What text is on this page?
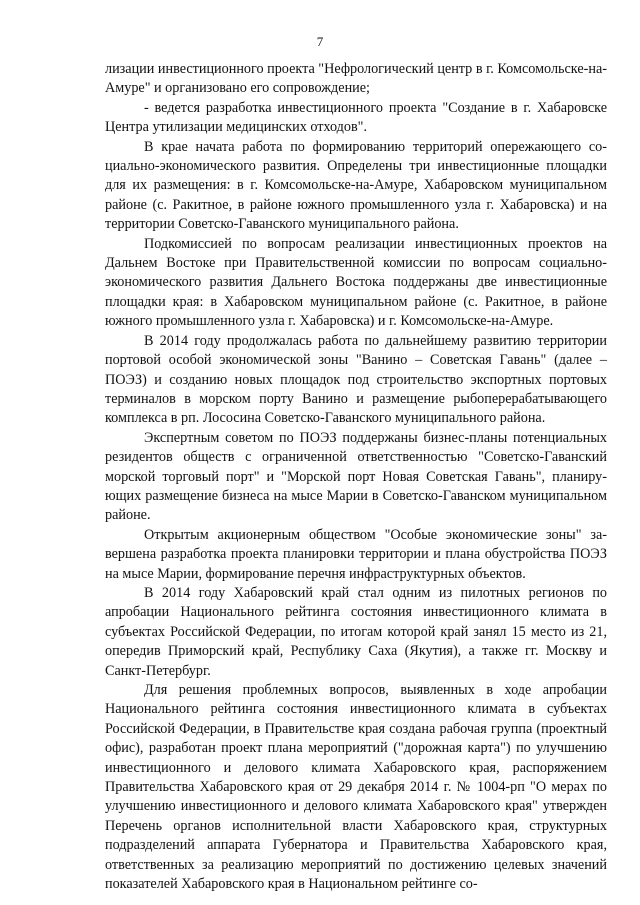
7

лизации инвестиционного проекта "Нефрологический центр в г. Комсомольске-на-Амуре" и организовано его сопровождение;

- ведется разработка инвестиционного проекта "Создание в г. Хабаровске Центра утилизации медицинских отходов".

В крае начата работа по формированию территорий опережающего социально-экономического развития. Определены три инвестиционные площадки для их размещения: в г. Комсомольске-на-Амуре, Хабаровском муниципальном районе (с. Ракитное, в районе южного промышленного узла г. Хабаровска) и на территории Советско-Гаванского муниципального района.

Подкомиссией по вопросам реализации инвестиционных проектов на Дальнем Востоке при Правительственной комиссии по вопросам социально-экономического развития Дальнего Востока поддержаны две инвестиционные площадки края: в Хабаровском муниципальном районе (с. Ракитное, в районе южного промышленного узла г. Хабаровска) и г. Комсомольске-на-Амуре.

В 2014 году продолжалась работа по дальнейшему развитию территории портовой особой экономической зоны "Ванино – Советская Гавань" (далее – ПОЭЗ) и созданию новых площадок под строительство экспортных портовых терминалов в морском порту Ванино и размещение рыбоперерабатывающего комплекса в рп. Лососина Советско-Гаванского муниципального района.

Экспертным советом по ПОЭЗ поддержаны бизнес-планы потенциальных резидентов обществ с ограниченной ответственностью "Советско-Гаванский морской торговый порт" и "Морской порт Новая Советская Гавань", планирующих размещение бизнеса на мысе Марии в Советско-Гаванском муниципальном районе.

Открытым акционерным обществом "Особые экономические зоны" завершена разработка проекта планировки территории и плана обустройства ПОЭЗ на мысе Марии, формирование перечня инфраструктурных объектов.

В 2014 году Хабаровский край стал одним из пилотных регионов по апробации Национального рейтинга состояния инвестиционного климата в субъектах Российской Федерации, по итогам которой край занял 15 место из 21, опередив Приморский край, Республику Саха (Якутия), а также гг. Москву и Санкт-Петербург.

Для решения проблемных вопросов, выявленных в ходе апробации Национального рейтинга состояния инвестиционного климата в субъектах Российской Федерации, в Правительстве края создана рабочая группа (проектный офис), разработан проект плана мероприятий ("дорожная карта") по улучшению инвестиционного и делового климата Хабаровского края, распоряжением Правительства Хабаровского края от 29 декабря 2014 г. № 1004-рп "О мерах по улучшению инвестиционного и делового климата Хабаровского края" утвержден Перечень органов исполнительной власти Хабаровского края, структурных подразделений аппарата Губернатора и Правительства Хабаровского края, ответственных за реализацию мероприятий по достижению целевых значений показателей Хабаровского края в Национальном рейтинге со-
